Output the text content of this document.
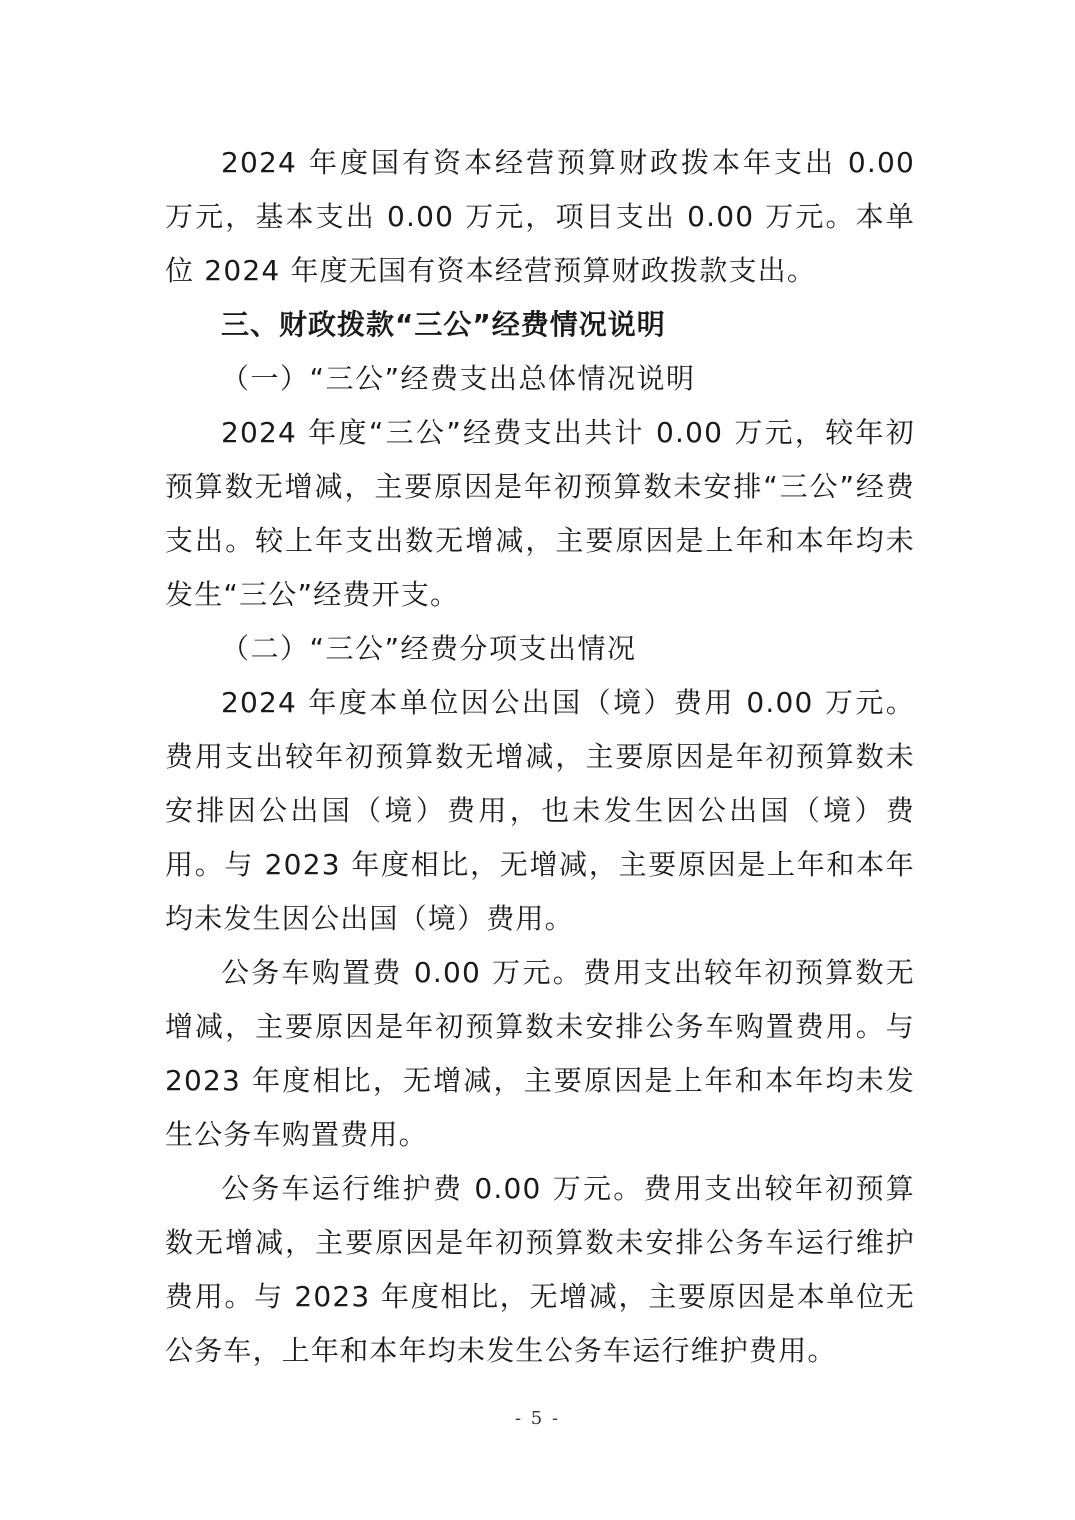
2024 年度国有资本经营预算财政拨本年支出 0.00 万元，基本支出 0.00 万元，项目支出 0.00 万元。本单位 2024 年度无国有资本经营预算财政拨款支出。

三、财政拨款“三公”经费情况说明

（一）“三公”经费支出总体情况说明

2024 年度“三公”经费支出共计 0.00 万元，较年初预算数无增减，主要原因是年初预算数未安排“三公”经费支出。较上年支出数无增减，主要原因是上年和本年均未发生“三公”经费开支。

（二）“三公”经费分项支出情况

2024 年度本单位因公出国（境）费用 0.00 万元。费用支出较年初预算数无增减，主要原因是年初预算数未安排因公出国（境）费用，也未发生因公出国（境）费用。与 2023 年度相比，无增减，主要原因是上年和本年均未发生因公出国（境）费用。

公务车购置费 0.00 万元。费用支出较年初预算数无增减，主要原因是年初预算数未安排公务车购置费用。与 2023 年度相比，无增减，主要原因是上年和本年均未发生公务车购置费用。

公务车运行维护费 0.00 万元。费用支出较年初预算数无增减，主要原因是年初预算数未安排公务车运行维护费用。与 2023 年度相比，无增减，主要原因是本单位无公务车，上年和本年均未发生公务车运行维护费用。

- 5 -
